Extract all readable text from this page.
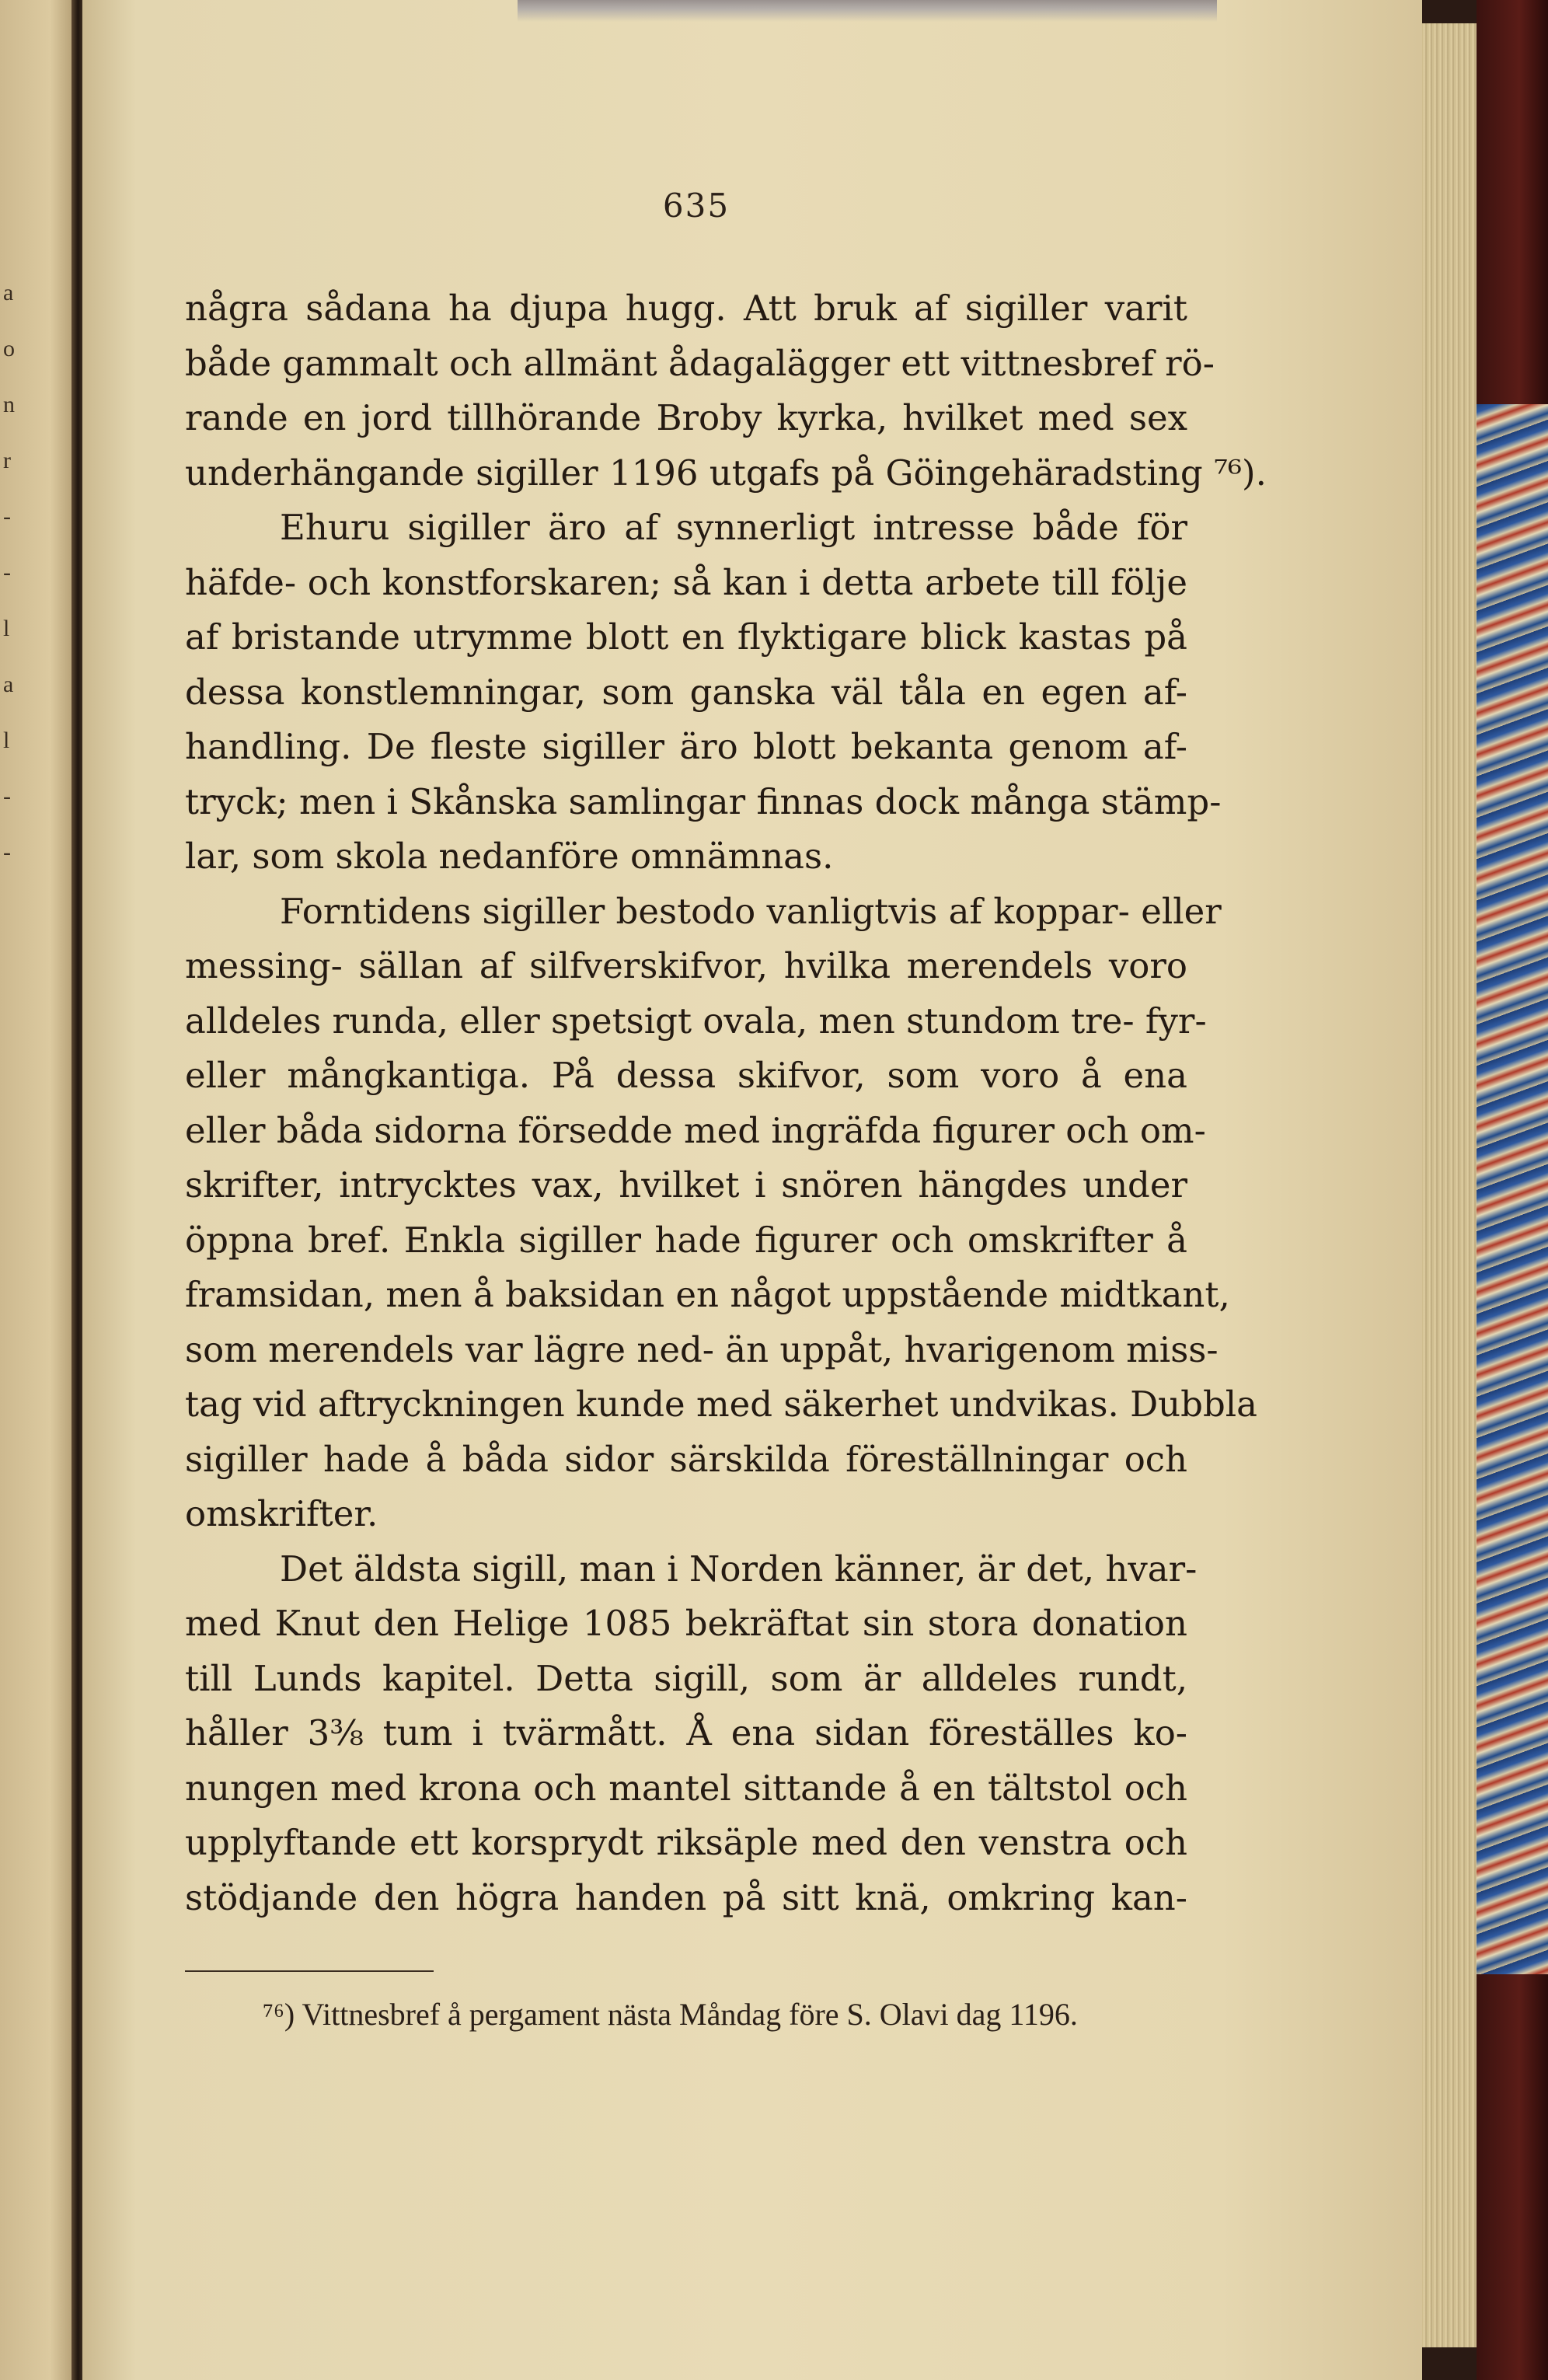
a
o
n
r
-
-
l
a
l
-
-
635
några sådana ha djupa hugg. Att bruk af sigiller varit
både gammalt och allmänt ådagalägger ett vittnesbref rö-
rande en jord tillhörande Broby kyrka, hvilket med sex
underhängande sigiller 1196 utgafs på Göingehäradsting ⁷⁶).
Ehuru sigiller äro af synnerligt intresse både för
häfde- och konstforskaren; så kan i detta arbete till följe
af bristande utrymme blott en flyktigare blick kastas på
dessa konstlemningar, som ganska väl tåla en egen af-
handling. De fleste sigiller äro blott bekanta genom af-
tryck; men i Skånska samlingar finnas dock många stämp-
lar, som skola nedanföre omnämnas.
Forntidens sigiller bestodo vanligtvis af koppar- eller
messing- sällan af silfverskifvor, hvilka merendels voro
alldeles runda, eller spetsigt ovala, men stundom tre- fyr-
eller mångkantiga. På dessa skifvor, som voro å ena
eller båda sidorna försedde med ingräfda figurer och om-
skrifter, intrycktes vax, hvilket i snören hängdes under
öppna bref. Enkla sigiller hade figurer och omskrifter å
framsidan, men å baksidan en något uppstående midtkant,
som merendels var lägre ned- än uppåt, hvarigenom miss-
tag vid aftryckningen kunde med säkerhet undvikas. Dubbla
sigiller hade å båda sidor särskilda föreställningar och
omskrifter.
Det äldsta sigill, man i Norden känner, är det, hvar-
med Knut den Helige 1085 bekräftat sin stora donation
till Lunds kapitel. Detta sigill, som är alldeles rundt,
håller 3⅜ tum i tvärmått. Å ena sidan föreställes ko-
nungen med krona och mantel sittande å en tältstol och
upplyftande ett korsprydt riksäple med den venstra och
stödjande den högra handen på sitt knä, omkring kan-
⁷⁶) Vittnesbref å pergament nästa Måndag före S. Olavi dag 1196.
